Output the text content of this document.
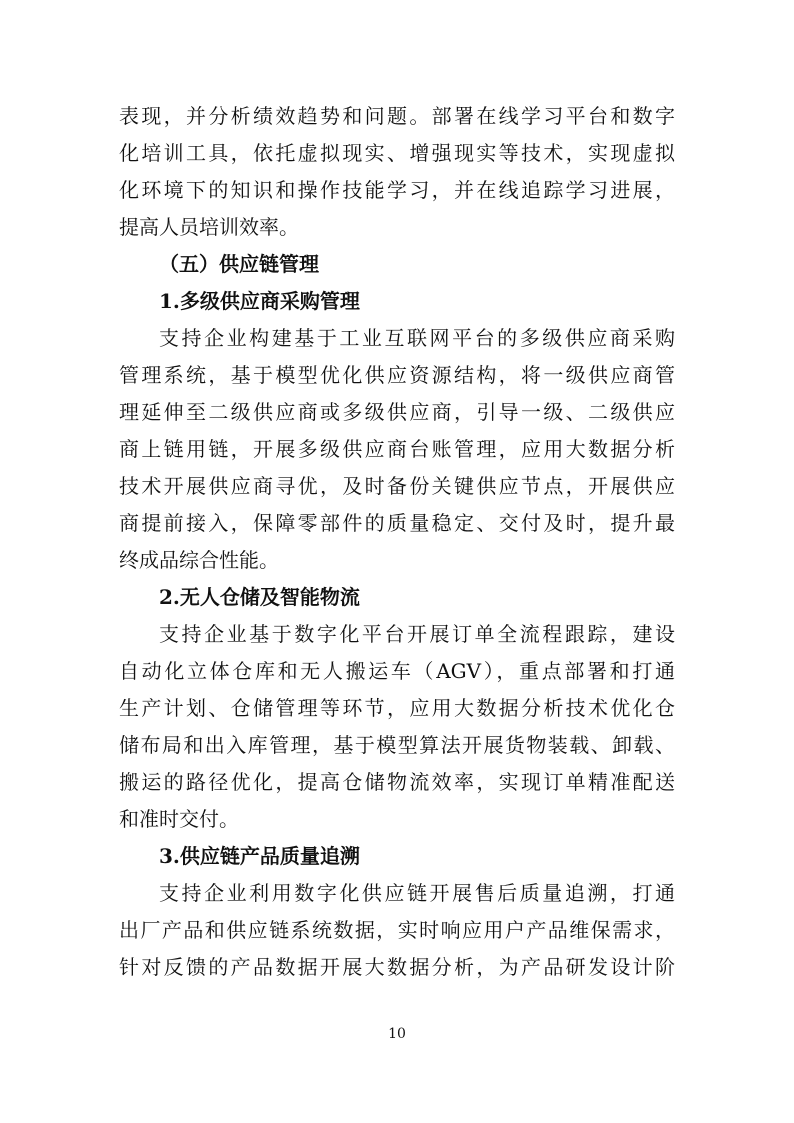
表现，并分析绩效趋势和问题。部署在线学习平台和数字
化培训工具，依托虚拟现实、增强现实等技术，实现虚拟
化环境下的知识和操作技能学习，并在线追踪学习进展，
提高人员培训效率。
（五）供应链管理
1.多级供应商采购管理
支持企业构建基于工业互联网平台的多级供应商采购
管理系统，基于模型优化供应资源结构，将一级供应商管
理延伸至二级供应商或多级供应商，引导一级、二级供应
商上链用链，开展多级供应商台账管理，应用大数据分析
技术开展供应商寻优，及时备份关键供应节点，开展供应
商提前接入，保障零部件的质量稳定、交付及时，提升最
终成品综合性能。
2.无人仓储及智能物流
支持企业基于数字化平台开展订单全流程跟踪，建设
自动化立体仓库和无人搬运车（AGV），重点部署和打通
生产计划、仓储管理等环节，应用大数据分析技术优化仓
储布局和出入库管理，基于模型算法开展货物装载、卸载、
搬运的路径优化，提高仓储物流效率，实现订单精准配送
和准时交付。
3.供应链产品质量追溯
支持企业利用数字化供应链开展售后质量追溯，打通
出厂产品和供应链系统数据，实时响应用户产品维保需求，
针对反馈的产品数据开展大数据分析，为产品研发设计阶
10
